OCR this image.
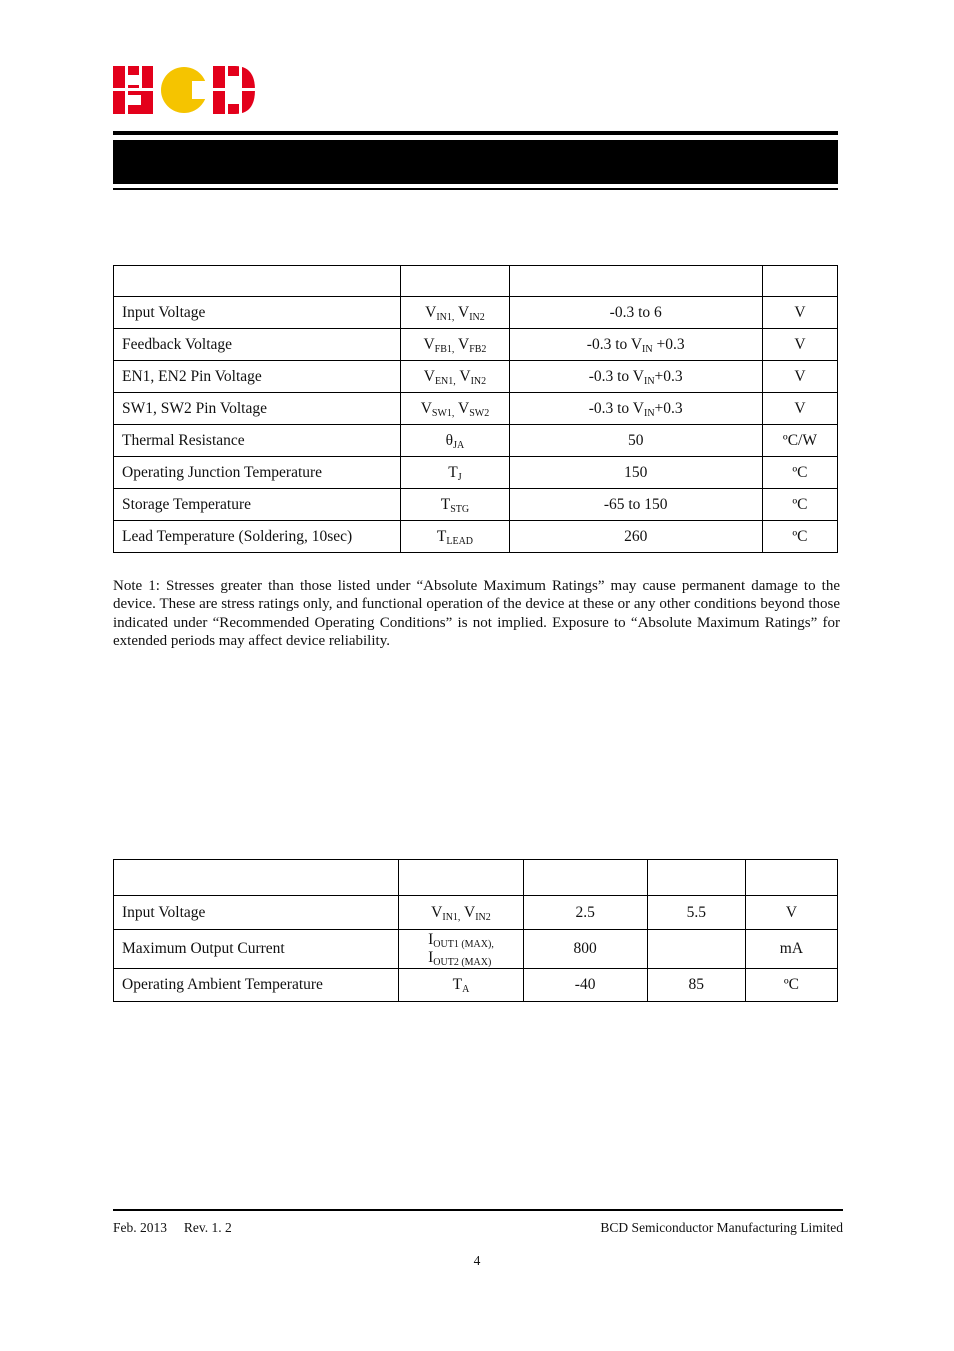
Input Voltage	$V_{IN1,}$ $V_{IN2}$	-0.3 to 6	V
Feedback Voltage	$V_{FB1,}$ $V_{FB2}$	-0.3 to $V_{IN} +0.3$	V
EN1, EN2 Pin Voltage	$V_{EN1,}$ $V_{IN2}$	-0.3 to $V_{IN}+0.3$	V
SW1, SW2 Pin Voltage	$V_{SW1,}$ $V_{SW2}$	-0.3 to $V_{IN}+0.3$	V
Thermal Resistance	$\theta_{JA}$	50	ºC/W
Operating Junction Temperature	$T_J$	150	ºC
Storage Temperature	$T_{STG}$	-65 to 150	ºC
Lead Temperature (Soldering, 10sec)	$T_{LEAD}$	260	ºC
Note 1: Stresses greater than those listed under “Absolute Maximum Ratings” may cause permanent damage to the device. These are stress ratings only, and functional operation of the device at these or any other conditions beyond those indicated under “Recommended Operating Conditions” is not implied. Exposure to “Absolute Maximum Ratings” for extended periods may affect device reliability.

Input Voltage	$V_{IN1,}$ $V_{IN2}$	2.5	5.5	V
Maximum Output Current	$I_{OUT1 (MAX),}$
$I_{OUT2 (MAX)}$	800		mA
Operating Ambient Temperature	$T_A$	-40	85	ºC
Feb. 2013     Rev. 1. 2	BCD Semiconductor Manufacturing Limited
4
